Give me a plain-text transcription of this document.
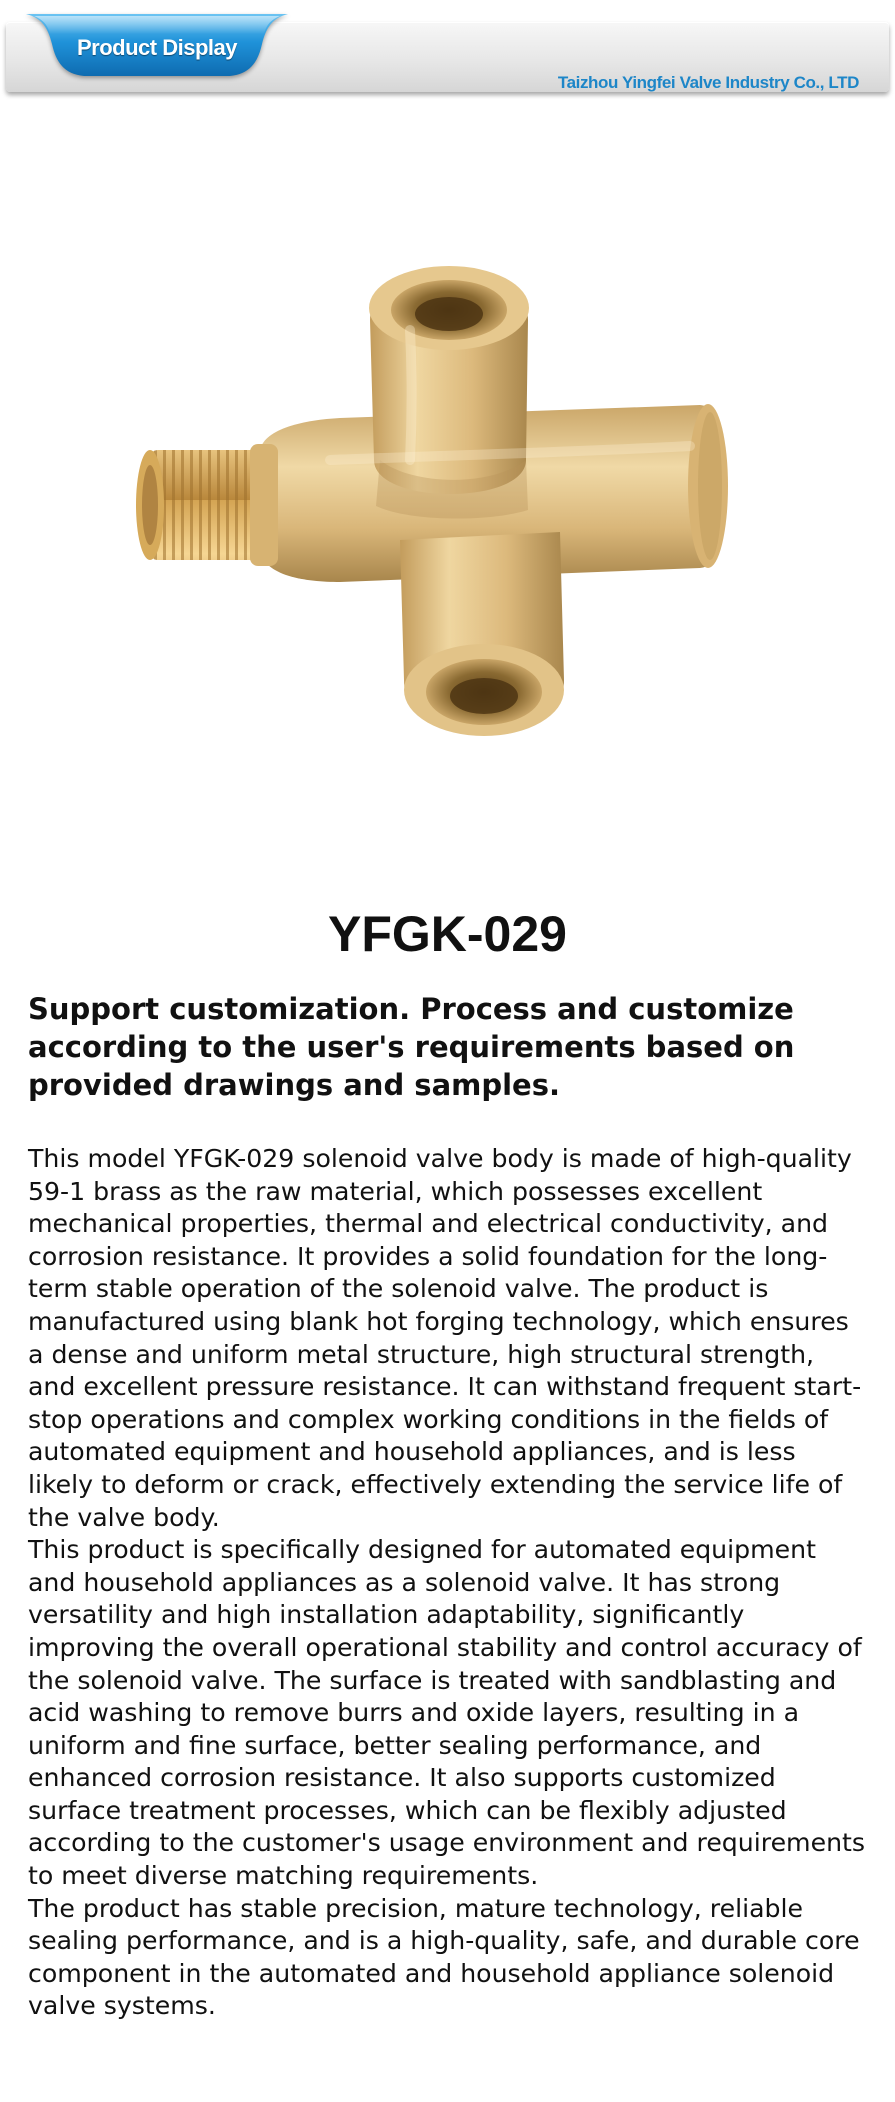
Taizhou Yingfei Valve Industry Co., LTD
Product Display
YFGK-029
Support customization. Process and customize according to the user's requirements based on provided drawings and samples.

This model YFGK-029 solenoid valve body is made of high-quality 59-1 brass as the raw material, which possesses excellent mechanical properties, thermal and electrical conductivity, and corrosion resistance. It provides a solid foundation for the long-term stable operation of the solenoid valve. The product is manufactured using blank hot forging technology, which ensures a dense and uniform metal structure, high structural strength, and excellent pressure resistance. It can withstand frequent start-stop operations and complex working conditions in the fields of automated equipment and household appliances, and is less likely to deform or crack, effectively extending the service life of the valve body.

This product is specifically designed for automated equipment and household appliances as a solenoid valve. It has strong versatility and high installation adaptability, significantly improving the overall operational stability and control accuracy of the solenoid valve. The surface is treated with sandblasting and acid washing to remove burrs and oxide layers, resulting in a uniform and fine surface, better sealing performance, and enhanced corrosion resistance. It also supports customized surface treatment processes, which can be flexibly adjusted according to the customer's usage environment and requirements to meet diverse matching requirements.

The product has stable precision, mature technology, reliable sealing performance, and is a high-quality, safe, and durable core component in the automated and household appliance solenoid valve systems.
